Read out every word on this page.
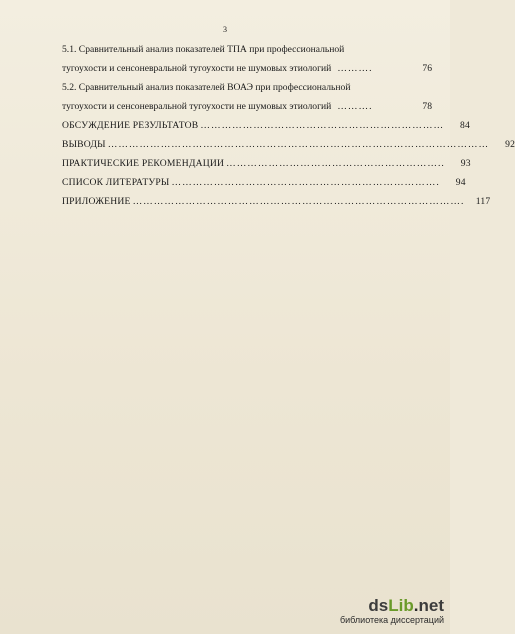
3
5.1. Сравнительный анализ показателей ТПА при профессиональной
тугоухости и сенсоневральной тугоухости не шумовых этиологий ……….	76
5.2. Сравнительный анализ показателей ВОАЭ при профессиональной
тугоухости и сенсоневральной тугоухости не шумовых этиологий ……….	78
ОБСУЖДЕНИЕ РЕЗУЛЬТАТОВ ……………………………………………………………	84
ВЫВОДЫ ………………………………………………………………………………………………	92
ПРАКТИЧЕСКИЕ РЕКОМЕНДАЦИИ ……………………………………………………..	93
СПИСОК ЛИТЕРАТУРЫ ………………………………………………………………….	94
ПРИЛОЖЕНИЕ ………………………………………………………………………………….	117
dsLib.net
библиотека диссертаций
